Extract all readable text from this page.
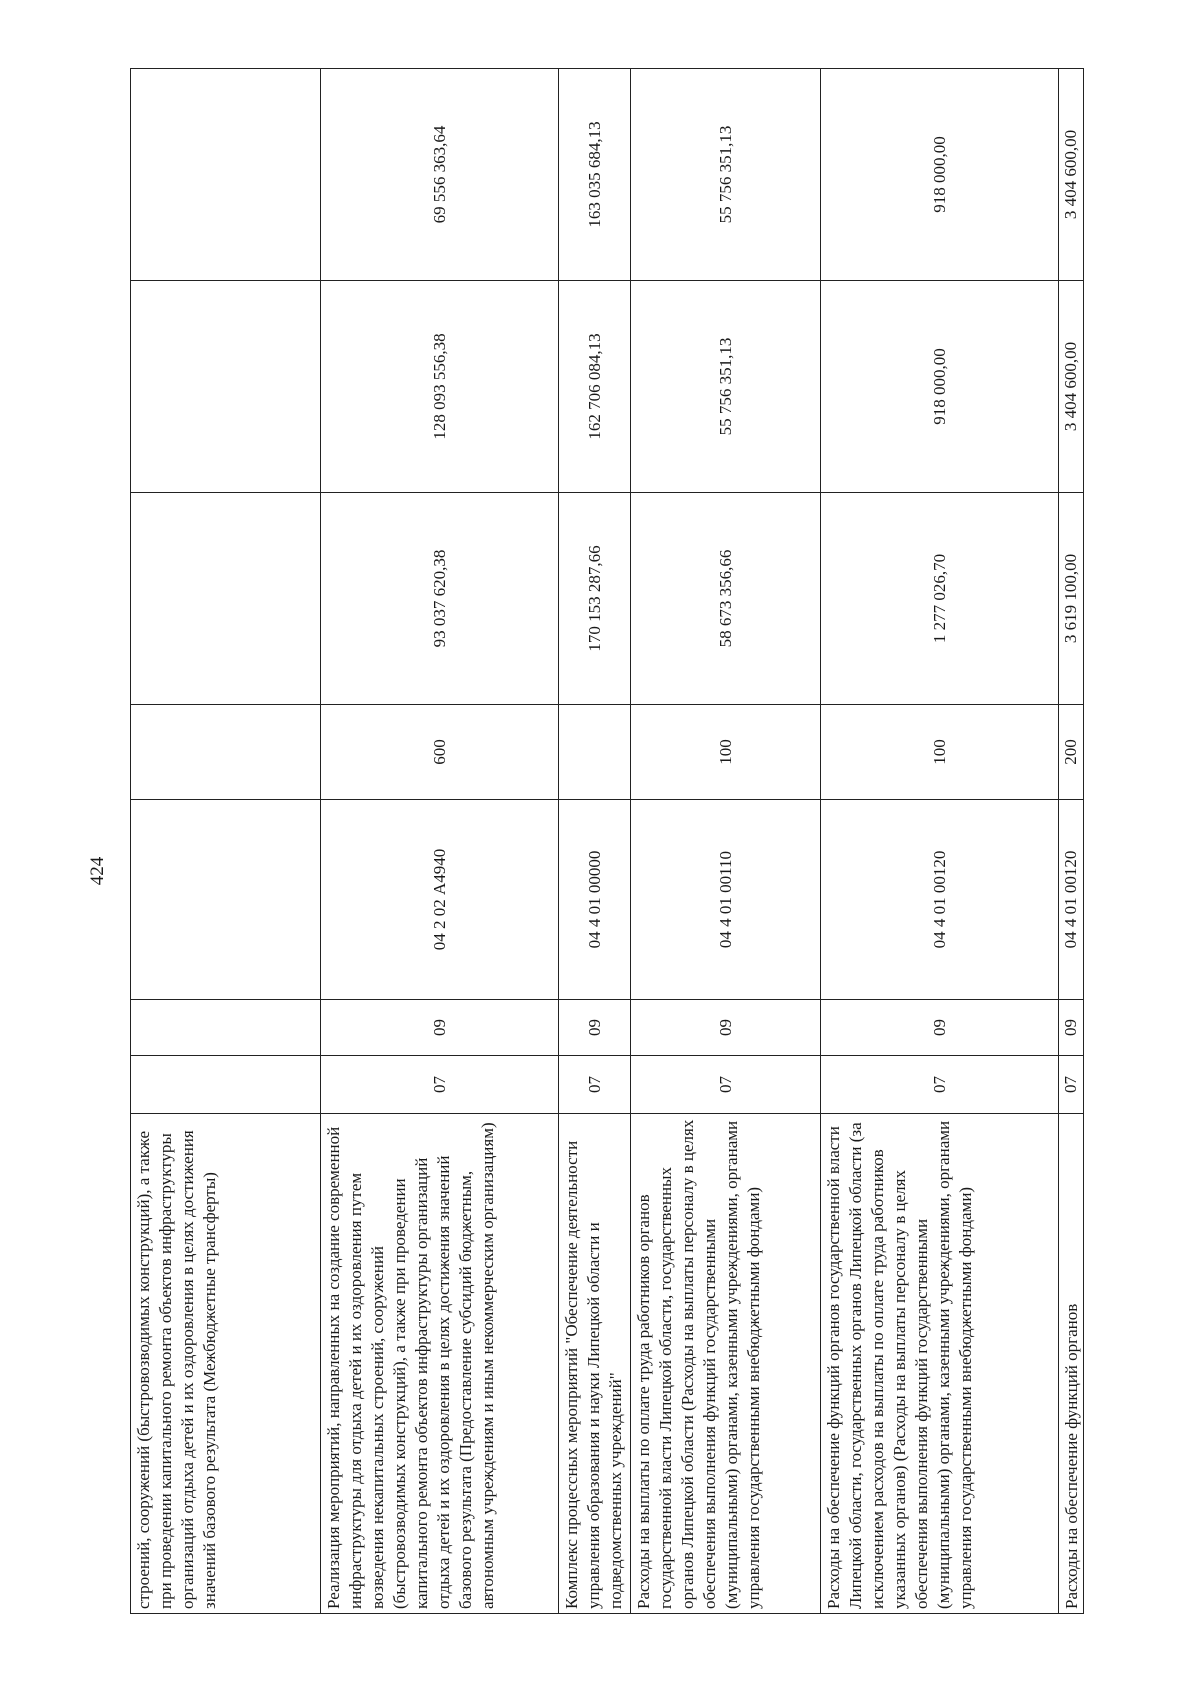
424
строений, сооружений (быстровозводимых конструкций), а также при проведении капитального ремонта объектов инфраструктуры организаций отдыха детей и их оздоровления в целях достижения значений базового результата (Межбюджетные трансферты)							
Реализация мероприятий, направленных на создание современной инфраструктуры для отдыха детей и их оздоровления путем возведения некапитальных строений, сооружений (быстровозводимых конструкций), а также при проведении капитального ремонта объектов инфраструктуры организаций отдыха детей и их оздоровления в целях достижения значений базового результата (Предоставление субсидий бюджетным, автономным учреждениям и иным некоммерческим организациям)	07	09	04 2 02 А4940	600	93 037 620,38	128 093 556,38	69 556 363,64
Комплекс процессных мероприятий "Обеспечение деятельности управления образования и науки Липецкой области и подведомственных учреждений"	07	09	04 4 01 00000		170 153 287,66	162 706 084,13	163 035 684,13
Расходы на выплаты по оплате труда работников органов государственной власти Липецкой области, государственных органов Липецкой области (Расходы на выплаты персоналу в целях обеспечения выполнения функций государственными (муниципальными) органами, казенными учреждениями, органами управления государственными внебюджетными фондами)	07	09	04 4 01 00110	100	58 673 356,66	55 756 351,13	55 756 351,13
Расходы на обеспечение функций органов государственной власти Липецкой области, государственных органов Липецкой области (за исключением расходов на выплаты по оплате труда работников указанных органов) (Расходы на выплаты персоналу в целях обеспечения выполнения функций государственными (муниципальными) органами, казенными учреждениями, органами управления государственными внебюджетными фондами)	07	09	04 4 01 00120	100	1 277 026,70	918 000,00	918 000,00
Расходы на обеспечение функций органов	07	09	04 4 01 00120	200	3 619 100,00	3 404 600,00	3 404 600,00
